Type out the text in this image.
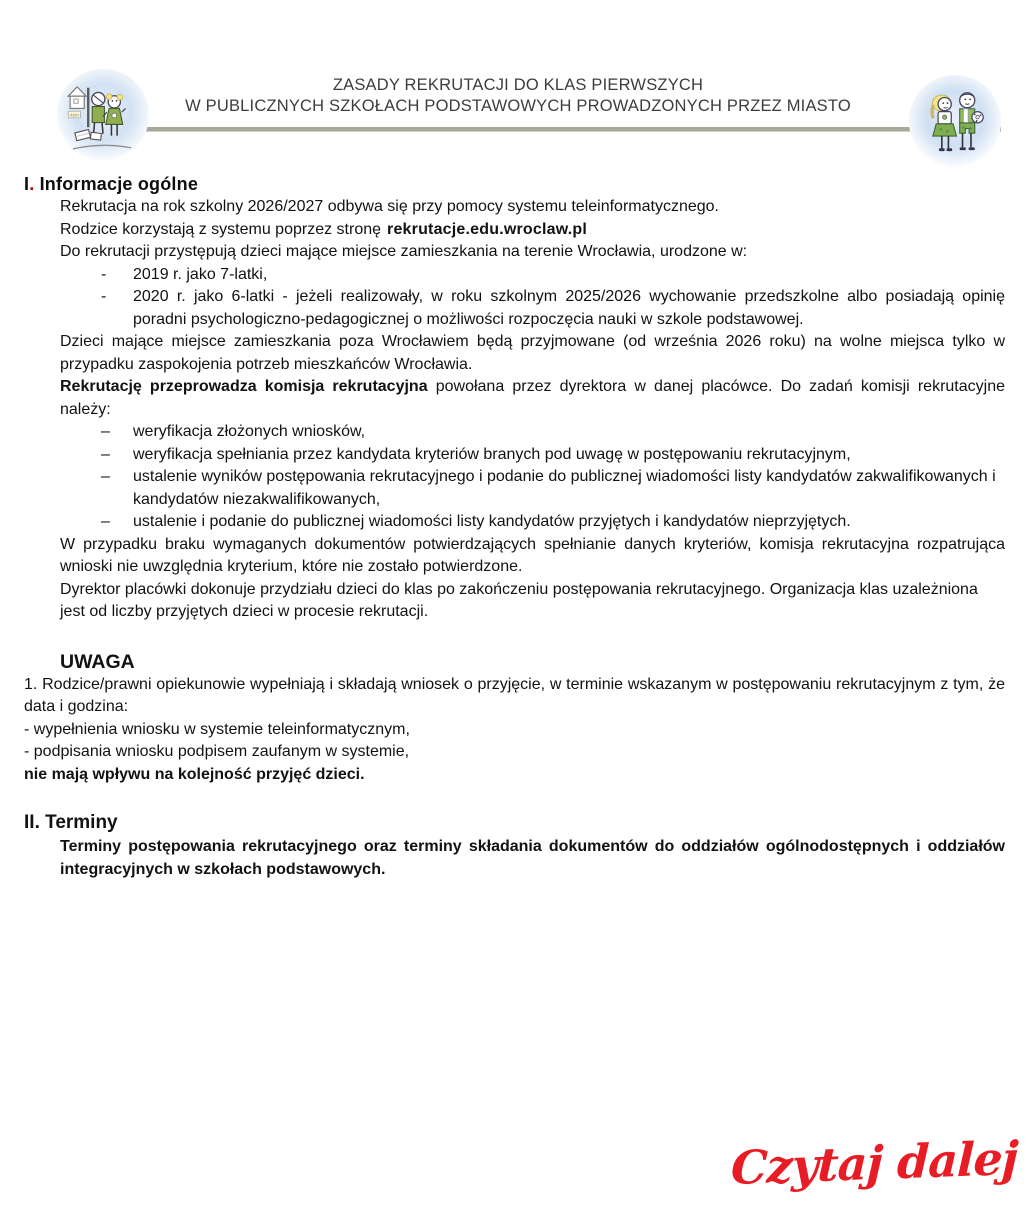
4cm
ZASADY REKRUTACJI DO KLAS PIERWSZYCH
W PUBLICZNYCH SZKOŁACH PODSTAWOWYCH PROWADZONYCH PRZEZ MIASTO
I. Informacje ogólne

Rekrutacja na rok szkolny 2026/2027 odbywa się przy pomocy systemu teleinformatycznego.

Rodzice korzystają z systemu poprzez stronę rekrutacje.edu.wroclaw.pl

Do rekrutacji przystępują dzieci mające miejsce zamieszkania na terenie Wrocławia, urodzone w:

-	2019 r. jako 7-latki,
-	2020 r. jako 6-latki - jeżeli realizowały, w roku szkolnym 2025/2026 wychowanie przedszkolne albo posiadają opinię poradni psychologiczno-pedagogicznej o możliwości rozpoczęcia nauki w szkole podstawowej.

Dzieci mające miejsce zamieszkania poza Wrocławiem będą przyjmowane (od września 2026 roku) na wolne miejsca tylko w przypadku zaspokojenia potrzeb mieszkańców Wrocławia.

Rekrutację przeprowadza komisja rekrutacyjna powołana przez dyrektora w danej placówce. Do zadań komisji rekrutacyjne należy:

–	weryfikacja złożonych wniosków,
–	weryfikacja spełniania przez kandydata kryteriów branych pod uwagę w postępowaniu rekrutacyjnym,
–	ustalenie wyników postępowania rekrutacyjnego i podanie do publicznej wiadomości listy kandydatów zakwalifikowanych i kandydatów niezakwalifikowanych,
–	ustalenie i podanie do publicznej wiadomości listy kandydatów przyjętych i kandydatów nieprzyjętych.

W przypadku braku wymaganych dokumentów potwierdzających spełnianie danych kryteriów, komisja rekrutacyjna rozpatrująca wnioski nie uwzględnia kryterium, które nie zostało potwierdzone.

Dyrektor placówki dokonuje przydziału dzieci do klas po zakończeniu postępowania rekrutacyjnego. Organizacja klas uzależniona jest od liczby przyjętych dzieci w procesie rekrutacji.

UWAGA

1. Rodzice/prawni opiekunowie wypełniają i składają wniosek o przyjęcie, w terminie wskazanym w postępowaniu rekrutacyjnym z tym, że data i godzina:

- wypełnienia wniosku w systemie teleinformatycznym,

- podpisania wniosku podpisem zaufanym w systemie,

nie mają wpływu na kolejność przyjęć dzieci.

II. Terminy

Terminy postępowania rekrutacyjnego oraz terminy składania dokumentów do oddziałów ogólnodostępnych i oddziałów integracyjnych w szkołach podstawowych.

Czytaj dalej
